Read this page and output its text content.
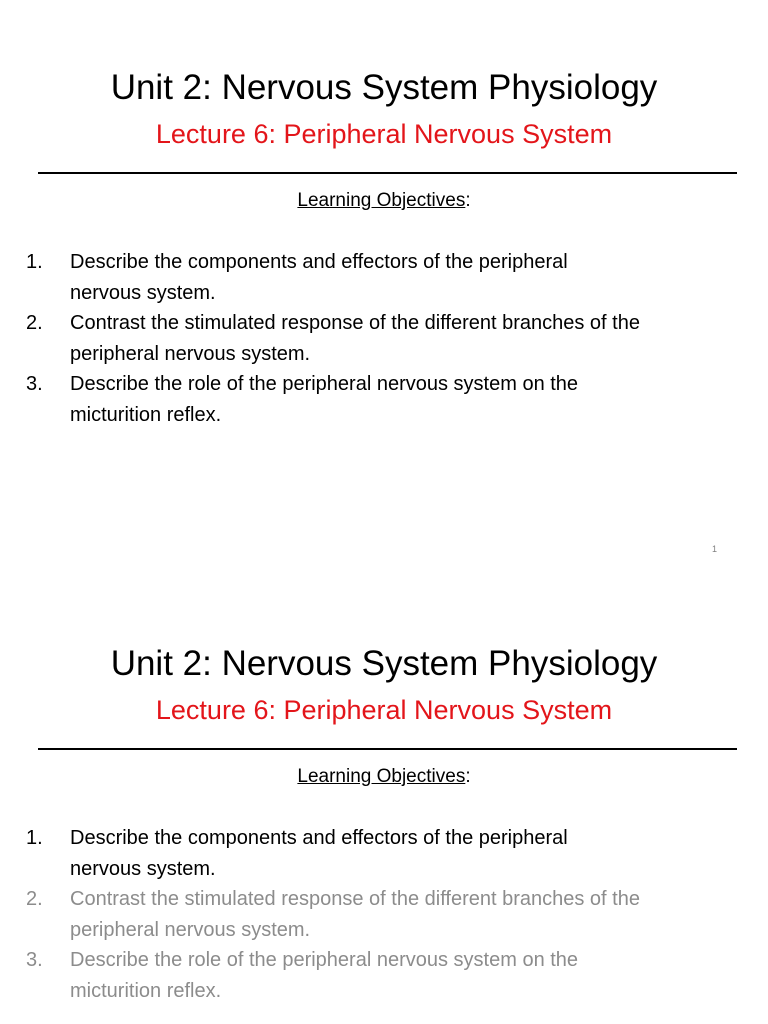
Unit 2: Nervous System Physiology
Lecture 6: Peripheral Nervous System
Learning Objectives:
1.	Describe the components and effectors of the peripheral
nervous system.
2.	Contrast the stimulated response of the different branches of the
peripheral nervous system.
3.	Describe the role of the peripheral nervous system on the
micturition reflex.
1
Unit 2: Nervous System Physiology
Lecture 6: Peripheral Nervous System
Learning Objectives:
1.	Describe the components and effectors of the peripheral
nervous system.
2.	Contrast the stimulated response of the different branches of the
peripheral nervous system.
3.	Describe the role of the peripheral nervous system on the
micturition reflex.
